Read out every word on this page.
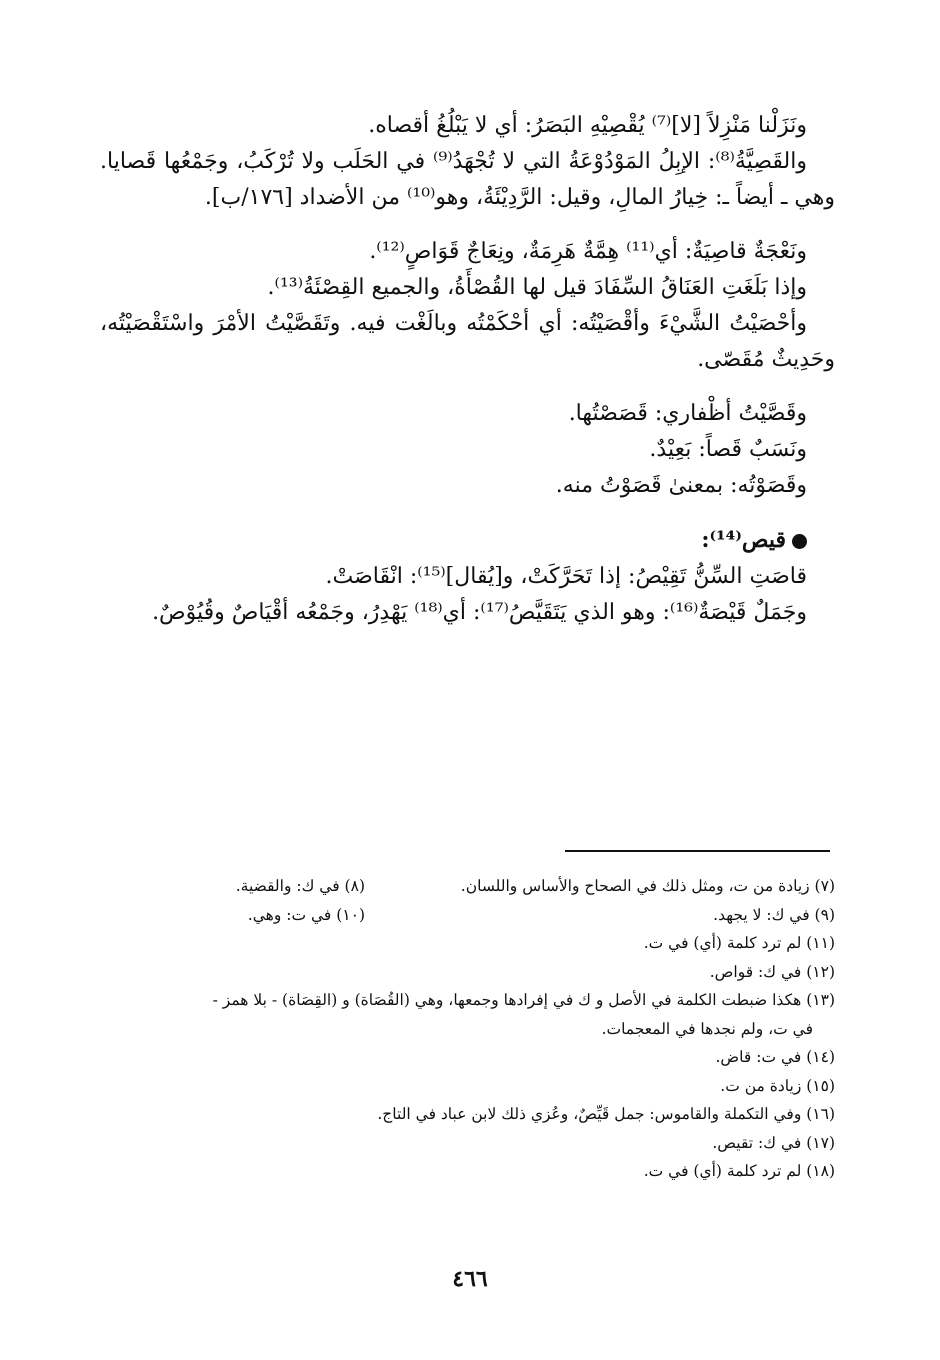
ونَزَلْنا مَنْزِلاً [لا]⁽⁷⁾ يُقْصِيْهِ البَصَرُ: أي لا يَبْلُغُ أقصاه.

والقَصِيَّةُ⁽⁸⁾: الإبِلُ المَوْدُوْعَةُ التي لا تُجْهَدُ⁽⁹⁾ في الحَلَب ولا تُرْكَبُ، وجَمْعُها قَصايا. وهي ـ أيضاً ـ: خِيارُ المالِ، وقيل: الرَّدِيْئَةُ، وهو⁽¹⁰⁾ من الأضداد [١٧٦/ب].

ونَعْجَةٌ قاصِيَةٌ: أي⁽¹¹⁾ هِمَّةٌ هَرِمَةٌ، ونِعَاجٌ قَوَاصٍ⁽¹²⁾.

وإذا بَلَغَتِ العَنَاقُ السِّفَادَ قيل لها القُصْأَةُ، والجميع القِصْئَةُ⁽¹³⁾.

وأحْصَيْتُ الشَّيْءَ وأقْصَيْتُه: أي أحْكَمْتُه وبالَغْت فيه. وتَقَصَّيْتُ الأمْرَ واسْتَقْصَيْتُه، وحَدِيثٌ مُقَصّى.

وقَصَّيْتُ أظْفاري: قَصَصْتُها.

ونَسَبٌ قَصاً: بَعِيْدٌ.

وقَصَوْتُه: بمعنىٰ قَصَوْتُ منه.

قيص⁽¹⁴⁾:

قاصَتِ السِّنُّ تَقِيْصُ: إذا تَحَرَّكَتْ، و[يُقال]⁽¹⁵⁾: انْقَاصَتْ.

وجَمَلٌ قَيْصَةٌ⁽¹⁶⁾: وهو الذي يَتَقَيَّصُ⁽¹⁷⁾: أي⁽¹⁸⁾ يَهْدِرُ، وجَمْعُه أقْيَاصٌ وقُيُوْصٌ.

(٧) زيادة من ت، ومثل ذلك في الصحاح والأساس واللسان.

(٨) في ك: والقضية.

(٩) في ك: لا يجهد.

(١٠) في ت: وهي.

(١١) لم ترد كلمة (أي) في ت.

(١٢) في ك: قواص.

(١٣) هكذا ضبطت الكلمة في الأصل و ك في إفرادها وجمعها، وهي (القُصَاة) و (القِصَاة) - بلا همز -

في ت، ولم نجدها في المعجمات.

(١٤) في ت: قاض.

(١٥) زيادة من ت.

(١٦) وفي التكملة والقاموس: جمل قَيِّصٌ، وعُزي ذلك لابن عباد في التاج.

(١٧) في ك: تقيص.

(١٨) لم ترد كلمة (أي) في ت.

٤٦٦
